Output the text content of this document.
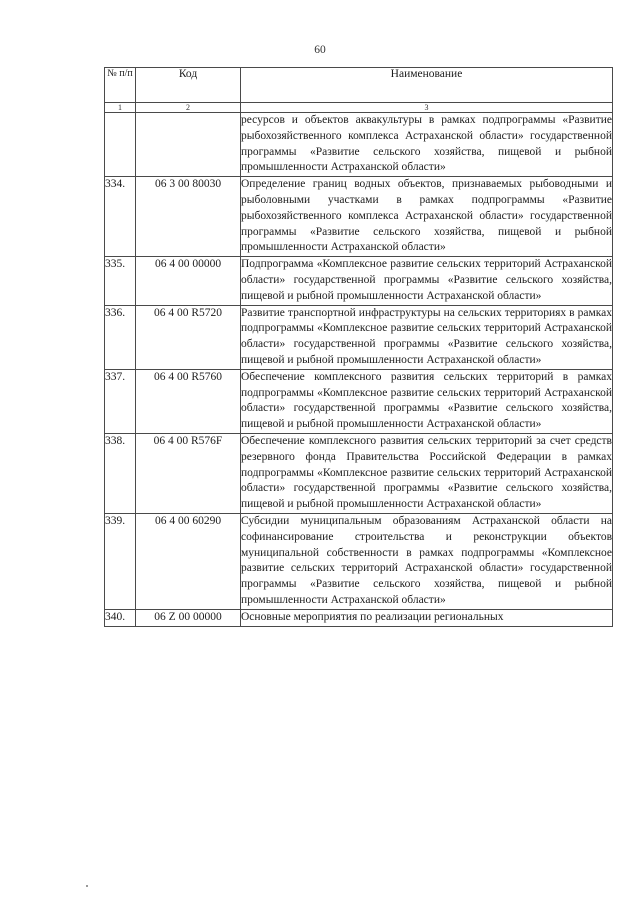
60
№ п/п	Код	Наименование
1	2	3
		ресурсов и объектов аквакультуры в рамках подпрограммы «Развитие рыбохозяйственного комплекса Астраханской области» государственной программы «Развитие сельского хозяйства, пищевой и рыбной промышленности Астраханской области»
334.	06 3 00 80030	Определение границ водных объектов, признаваемых рыбоводными и рыболовными участками в рамках подпрограммы «Развитие рыбохозяйственного комплекса Астраханской области» государственной программы «Развитие сельского хозяйства, пищевой и рыбной промышленности Астраханской области»
335.	06 4 00 00000	Подпрограмма «Комплексное развитие сельских территорий Астраханской области» государственной программы «Развитие сельского хозяйства, пищевой и рыбной промышленности Астраханской области»
336.	06 4 00 R5720	Развитие транспортной инфраструктуры на сельских территориях в рамках подпрограммы «Комплексное развитие сельских территорий Астраханской области» государственной программы «Развитие сельского хозяйства, пищевой и рыбной промышленности Астраханской области»
337.	06 4 00 R5760	Обеспечение комплексного развития сельских территорий в рамках подпрограммы «Комплексное развитие сельских территорий Астраханской области» государственной программы «Развитие сельского хозяйства, пищевой и рыбной промышленности Астраханской области»
338.	06 4 00 R576F	Обеспечение комплексного развития сельских территорий за счет средств резервного фонда Правительства Российской Федерации в рамках подпрограммы «Комплексное развитие сельских территорий Астраханской области» государственной программы «Развитие сельского хозяйства, пищевой и рыбной промышленности Астраханской области»
339.	06 4 00 60290	Субсидии муниципальным образованиям Астраханской области на софинансирование строительства и реконструкции объектов муниципальной собственности в рамках подпрограммы «Комплексное развитие сельских территорий Астраханской области» государственной программы «Развитие сельского хозяйства, пищевой и рыбной промышленности Астраханской области»
340.	06 Z 00 00000	Основные мероприятия по реализации региональных
